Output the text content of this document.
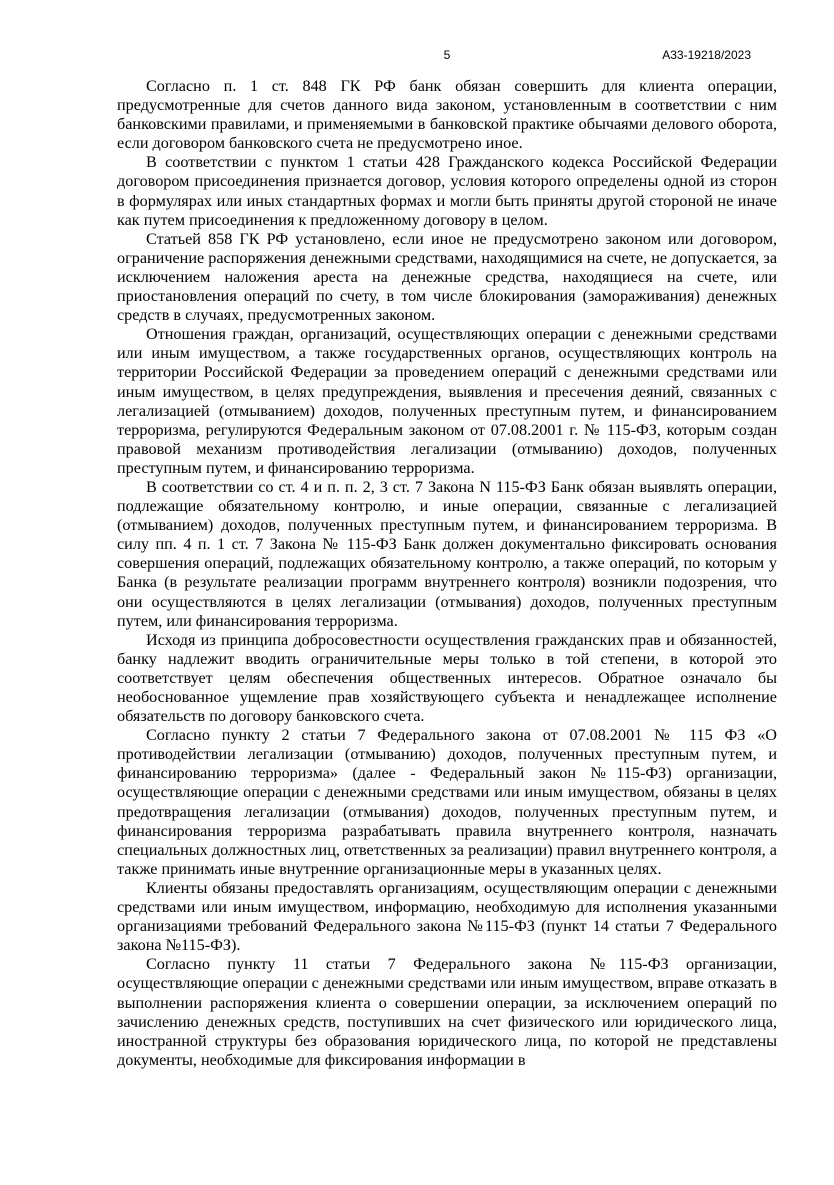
5	А33-19218/2023

Согласно п. 1 ст. 848 ГК РФ банк обязан совершить для клиента операции, предусмотренные для счетов данного вида законом, установленным в соответствии с ним банковскими правилами, и применяемыми в банковской практике обычаями делового оборота, если договором банковского счета не предусмотрено иное.

В соответствии с пунктом 1 статьи 428 Гражданского кодекса Российской Федерации договором присоединения признается договор, условия которого определены одной из сторон в формулярах или иных стандартных формах и могли быть приняты другой стороной не иначе как путем присоединения к предложенному договору в целом.

Статьей 858 ГК РФ установлено, если иное не предусмотрено законом или договором, ограничение распоряжения денежными средствами, находящимися на счете, не допускается, за исключением наложения ареста на денежные средства, находящиеся на счете, или приостановления операций по счету, в том числе блокирования (замораживания) денежных средств в случаях, предусмотренных законом.

Отношения граждан, организаций, осуществляющих операции с денежными средствами или иным имуществом, а также государственных органов, осуществляющих контроль на территории Российской Федерации за проведением операций с денежными средствами или иным имуществом, в целях предупреждения, выявления и пресечения деяний, связанных с легализацией (отмыванием) доходов, полученных преступным путем, и финансированием терроризма, регулируются Федеральным законом от 07.08.2001 г. № 115-ФЗ, которым создан правовой механизм противодействия легализации (отмыванию) доходов, полученных преступным путем, и финансированию терроризма.

В соответствии со ст. 4 и п. п. 2, 3 ст. 7 Закона N 115-ФЗ Банк обязан выявлять операции, подлежащие обязательному контролю, и иные операции, связанные с легализацией (отмыванием) доходов, полученных преступным путем, и финансированием терроризма. В силу пп. 4 п. 1 ст. 7 Закона № 115-ФЗ Банк должен документально фиксировать основания совершения операций, подлежащих обязательному контролю, а также операций, по которым у Банка (в результате реализации программ внутреннего контроля) возникли подозрения, что они осуществляются в целях легализации (отмывания) доходов, полученных преступным путем, или финансирования терроризма.

Исходя из принципа добросовестности осуществления гражданских прав и обязанностей, банку надлежит вводить ограничительные меры только в той степени, в которой это соответствует целям обеспечения общественных интересов. Обратное означало бы необоснованное ущемление прав хозяйствующего субъекта и ненадлежащее исполнение обязательств по договору банковского счета.

Согласно пункту 2 статьи 7 Федерального закона от 07.08.2001 № 115 ФЗ «О противодействии легализации (отмыванию) доходов, полученных преступным путем, и финансированию терроризма» (далее - Федеральный закон №115-ФЗ) организации, осуществляющие операции с денежными средствами или иным имуществом, обязаны в целях предотвращения легализации (отмывания) доходов, полученных преступным путем, и финансирования терроризма разрабатывать правила внутреннего контроля, назначать специальных должностных лиц, ответственных за реализации) правил внутреннего контроля, а также принимать иные внутренние организационные меры в указанных целях.

Клиенты обязаны предоставлять организациям, осуществляющим операции с денежными средствами или иным имуществом, информацию, необходимую для исполнения указанными организациями требований Федерального закона №115-ФЗ (пункт 14 статьи 7 Федерального закона №115-ФЗ).

Согласно пункту 11 статьи 7 Федерального закона №115-ФЗ организации, осуществляющие операции с денежными средствами или иным имуществом, вправе отказать в выполнении распоряжения клиента о совершении операции, за исключением операций по зачислению денежных средств, поступивших на счет физического или юридического лица, иностранной структуры без образования юридического лица, по которой не представлены документы, необходимые для фиксирования информации в
